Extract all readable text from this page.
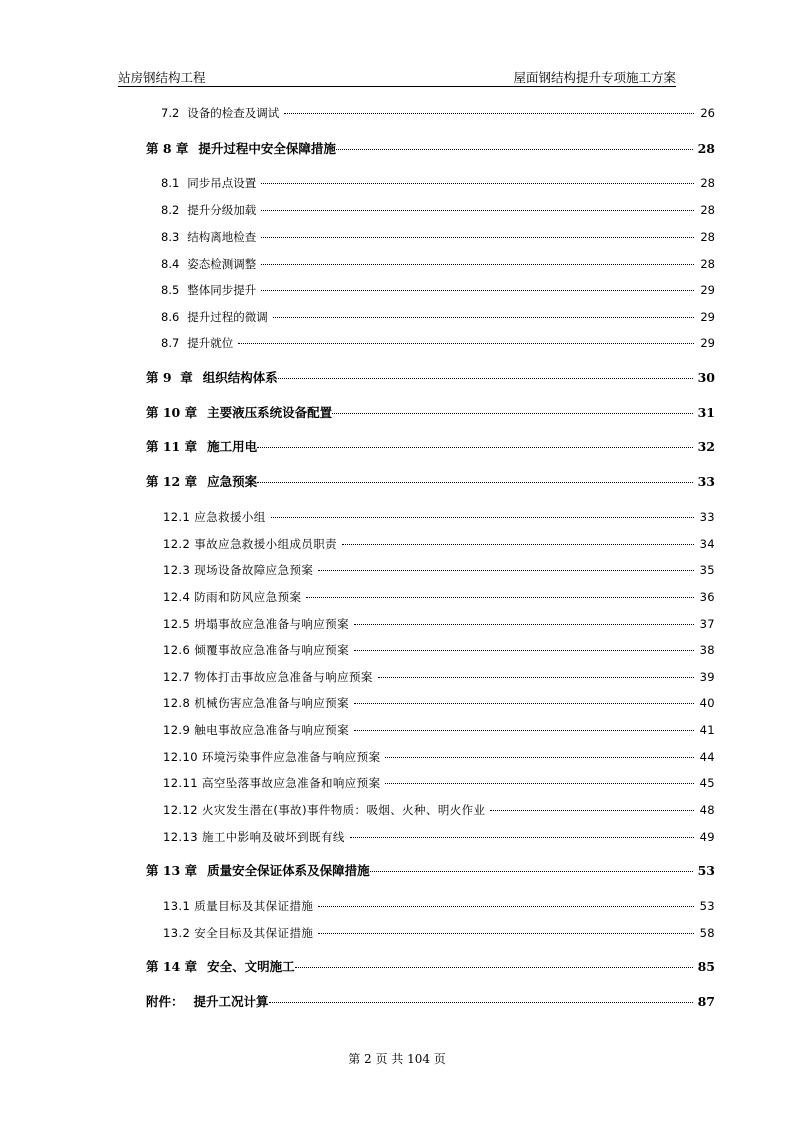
站房钢结构工程	屋面钢结构提升专项施工方案
7.2 设备的检查及调试	26
第 8 章 提升过程中安全保障措施	28
8.1 同步吊点设置	28
8.2 提升分级加载	28
8.3 结构离地检查	28
8.4 姿态检测调整	28
8.5 整体同步提升	29
8.6 提升过程的微调	29
8.7 提升就位	29
第 9  章 组织结构体系	30
第 10 章 主要液压系统设备配置	31
第 11 章 施工用电	32
第 12 章 应急预案	33
12.1 应急救援小组	33
12.2 事故应急救援小组成员职责	34
12.3 现场设备故障应急预案	35
12.4 防雨和防风应急预案	36
12.5 坍塌事故应急准备与响应预案	37
12.6 倾覆事故应急准备与响应预案	38
12.7 物体打击事故应急准备与响应预案	39
12.8 机械伤害应急准备与响应预案	40
12.9 触电事故应急准备与响应预案	41
12.10 环境污染事件应急准备与响应预案	44
12.11 高空坠落事故应急准备和响应预案	45
12.12 火灾发生潜在(事故)事件物质：吸烟、火种、明火作业	48
12.13 施工中影响及破坏到既有线	49
第 13 章 质量安全保证体系及保障措施	53
13.1 质量目标及其保证措施	53
13.2 安全目标及其保证措施	58
第 14 章 安全、文明施工	85
附件： 提升工况计算	87
第 2 页 共 104 页
